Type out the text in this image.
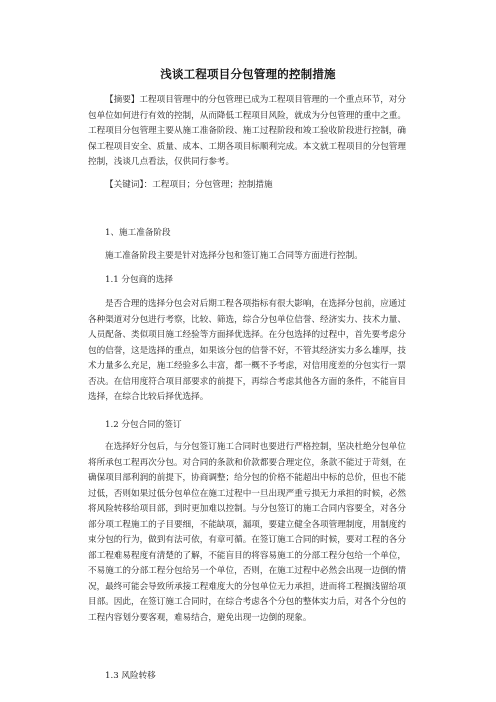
浅谈工程项目分包管理的控制措施
【摘要】工程项目管理中的分包管理已成为工程项目管理的一个重点环节，对分包单位如何进行有效的控制，从而降低工程项目风险，就成为分包管理的重中之重。工程项目分包管理主要从施工准备阶段、施工过程阶段和竣工验收阶段进行控制，确保工程项目安全、质量、成本、工期各项目标顺利完成。本文就工程项目的分包管理控制，浅谈几点看法，仅供同行参考。
【关键词】：工程项目；分包管理；控制措施
1、施工准备阶段
施工准备阶段主要是针对选择分包和签订施工合同等方面进行控制。
1.1 分包商的选择
是否合理的选择分包会对后期工程各项指标有很大影响，在选择分包前，应通过各种渠道对分包进行考察，比较、筛选，综合分包单位信誉、经济实力、技术力量、人员配备、类似项目施工经验等方面择优选择。在分包选择的过程中，首先要考虑分包的信誉，这是选择的重点，如果该分包的信誉不好，不管其经济实力多么雄厚，技术力量多么充足，施工经验多么丰富，都一概不予考虑，对信用度差的分包实行一票否决。在信用度符合项目部要求的前提下，再综合考虑其他各方面的条件，不能盲目选择，在综合比较后择优选择。
1.2 分包合同的签订
在选择好分包后，与分包签订施工合同时也要进行严格控制，坚决杜绝分包单位将所承包工程再次分包。对合同的条款和价款都要合理定位，条款不能过于苛刻，在确保项目部利润的前提下，协商调整；给分包的价格不能超出中标的总价，但也不能过低，否则如果过低分包单位在施工过程中一旦出现严重亏损无力承担的时候，必然将风险转移给项目部，到时更加难以控制。与分包签订的施工合同内容要全，对各分部分项工程施工的子目要细，不能缺项，漏项，要建立健全各项管理制度，用制度约束分包的行为，做到有法可依，有章可循。在签订施工合同的时候，要对工程的各分部工程难易程度有清楚的了解，不能盲目的将容易施工的分部工程分包给一个单位，不易施工的分部工程分包给另一个单位，否则，在施工过程中必然会出现一边倒的情况，最终可能会导致所承接工程难度大的分包单位无力承担，进而将工程搁浅留给项目部。因此，在签订施工合同时，在综合考虑各个分包的整体实力后，对各个分包的工程内容划分要客观，难易结合，避免出现一边倒的现象。
1.3 风险转移
